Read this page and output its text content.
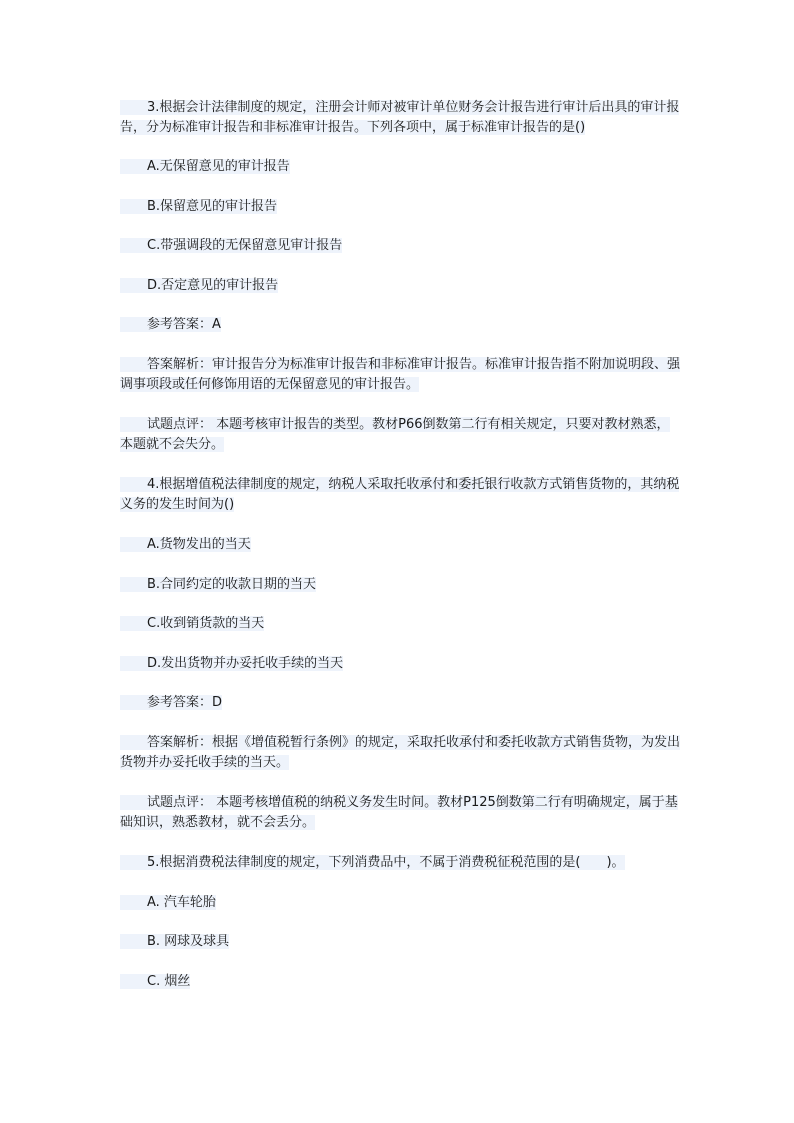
3.根据会计法律制度的规定，注册会计师对被审计单位财务会计报告进行审计后出具的审计报告，分为标准审计报告和非标准审计报告。下列各项中，属于标准审计报告的是()

A.无保留意见的审计报告

B.保留意见的审计报告

C.带强调段的无保留意见审计报告

D.否定意见的审计报告

参考答案：A

答案解析：审计报告分为标准审计报告和非标准审计报告。标准审计报告指不附加说明段、强调事项段或任何修饰用语的无保留意见的审计报告。

试题点评： 本题考核审计报告的类型。教材P66倒数第二行有相关规定，只要对教材熟悉，本题就不会失分。

4.根据增值税法律制度的规定，纳税人采取托收承付和委托银行收款方式销售货物的，其纳税义务的发生时间为()

A.货物发出的当天

B.合同约定的收款日期的当天

C.收到销货款的当天

D.发出货物并办妥托收手续的当天

参考答案：D

答案解析：根据《增值税暂行条例》的规定，采取托收承付和委托收款方式销售货物，为发出货物并办妥托收手续的当天。

试题点评： 本题考核增值税的纳税义务发生时间。教材P125倒数第二行有明确规定，属于基础知识，熟悉教材，就不会丢分。

5.根据消费税法律制度的规定，下列消费品中，不属于消费税征税范围的是(　　)。

A. 汽车轮胎

B. 网球及球具

C. 烟丝
